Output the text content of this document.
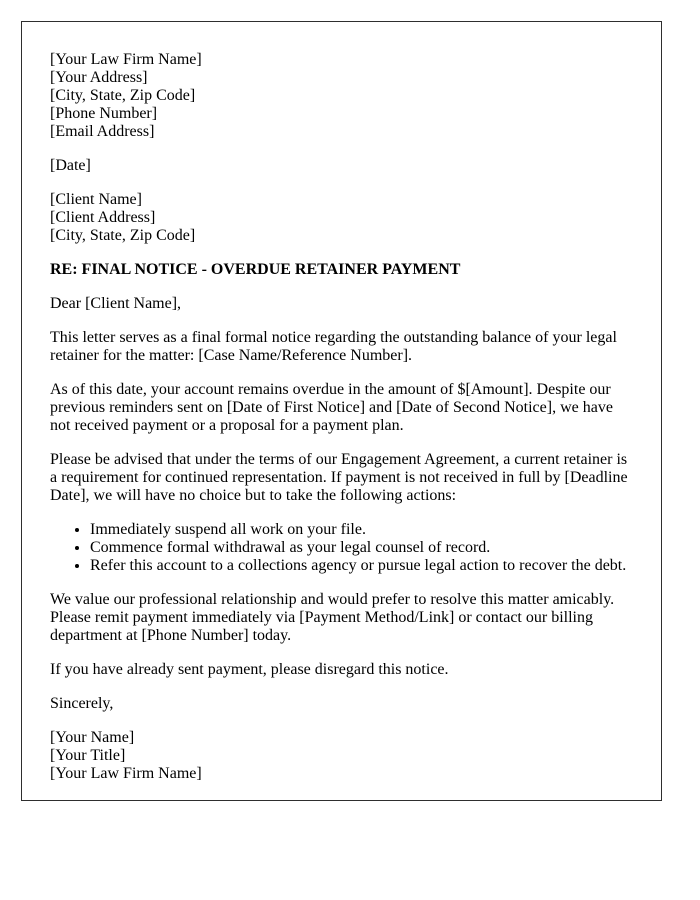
[Your Law Firm Name]
[Your Address]
[City, State, Zip Code]
[Phone Number]
[Email Address]

[Date]

[Client Name]
[Client Address]
[City, State, Zip Code]

RE: FINAL NOTICE - OVERDUE RETAINER PAYMENT

Dear [Client Name],

This letter serves as a final formal notice regarding the outstanding balance of your legal retainer for the matter: [Case Name/Reference Number].

As of this date, your account remains overdue in the amount of $[Amount]. Despite our previous reminders sent on [Date of First Notice] and [Date of Second Notice], we have not received payment or a proposal for a payment plan.

Please be advised that under the terms of our Engagement Agreement, a current retainer is a requirement for continued representation. If payment is not received in full by [Deadline Date], we will have no choice but to take the following actions:

• Immediately suspend all work on your file.
• Commence formal withdrawal as your legal counsel of record.
• Refer this account to a collections agency or pursue legal action to recover the debt.

We value our professional relationship and would prefer to resolve this matter amicably. Please remit payment immediately via [Payment Method/Link] or contact our billing department at [Phone Number] today.

If you have already sent payment, please disregard this notice.

Sincerely,

[Your Name]
[Your Title]
[Your Law Firm Name]
